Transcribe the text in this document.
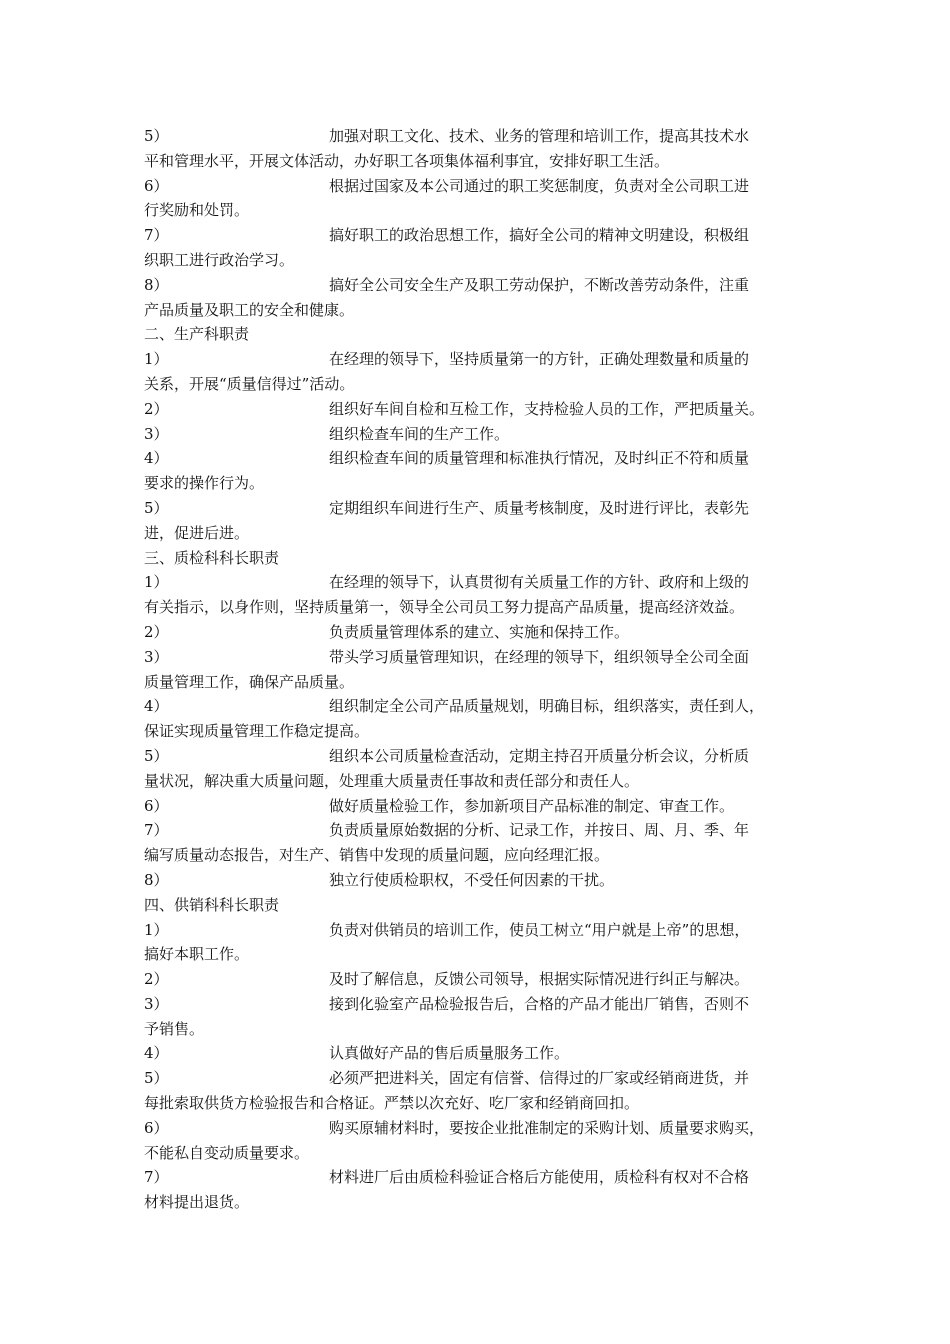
5）	加强对职工文化、技术、业务的管理和培训工作，提高其技术水
平和管理水平，开展文体活动，办好职工各项集体福利事宜，安排好职工生活。
6）	根据过国家及本公司通过的职工奖惩制度，负责对全公司职工进
行奖励和处罚。
7）	搞好职工的政治思想工作，搞好全公司的精神文明建设，积极组
织职工进行政治学习。
8）	搞好全公司安全生产及职工劳动保护，不断改善劳动条件，注重
产品质量及职工的安全和健康。
二、生产科职责
1）	在经理的领导下，坚持质量第一的方针，正确处理数量和质量的
关系，开展“质量信得过”活动。
2）	组织好车间自检和互检工作，支持检验人员的工作，严把质量关。
3）	组织检查车间的生产工作。
4）	组织检查车间的质量管理和标准执行情况，及时纠正不符和质量
要求的操作行为。
5）	定期组织车间进行生产、质量考核制度，及时进行评比，表彰先
进，促进后进。
三、质检科科长职责
1）	在经理的领导下，认真贯彻有关质量工作的方针、政府和上级的
有关指示，以身作则，坚持质量第一，领导全公司员工努力提高产品质量，提高经济效益。
2）	负责质量管理体系的建立、实施和保持工作。
3）	带头学习质量管理知识，在经理的领导下，组织领导全公司全面
质量管理工作，确保产品质量。
4）	组织制定全公司产品质量规划，明确目标，组织落实，责任到人，
保证实现质量管理工作稳定提高。
5）	组织本公司质量检查活动，定期主持召开质量分析会议，分析质
量状况，解决重大质量问题，处理重大质量责任事故和责任部分和责任人。
6）	做好质量检验工作，参加新项目产品标准的制定、审查工作。
7）	负责质量原始数据的分析、记录工作，并按日、周、月、季、年
编写质量动态报告，对生产、销售中发现的质量问题，应向经理汇报。
8）	独立行使质检职权，不受任何因素的干扰。
四、供销科科长职责
1）	负责对供销员的培训工作，使员工树立“用户就是上帝”的思想，
搞好本职工作。
2）	及时了解信息，反馈公司领导，根据实际情况进行纠正与解决。
3）	接到化验室产品检验报告后，合格的产品才能出厂销售，否则不
予销售。
4）	认真做好产品的售后质量服务工作。
5）	必须严把进料关，固定有信誉、信得过的厂家或经销商进货，并
每批索取供货方检验报告和合格证。严禁以次充好、吃厂家和经销商回扣。
6）	购买原辅材料时，要按企业批准制定的采购计划、质量要求购买，
不能私自变动质量要求。
7）	材料进厂后由质检科验证合格后方能使用，质检科有权对不合格
材料提出退货。
